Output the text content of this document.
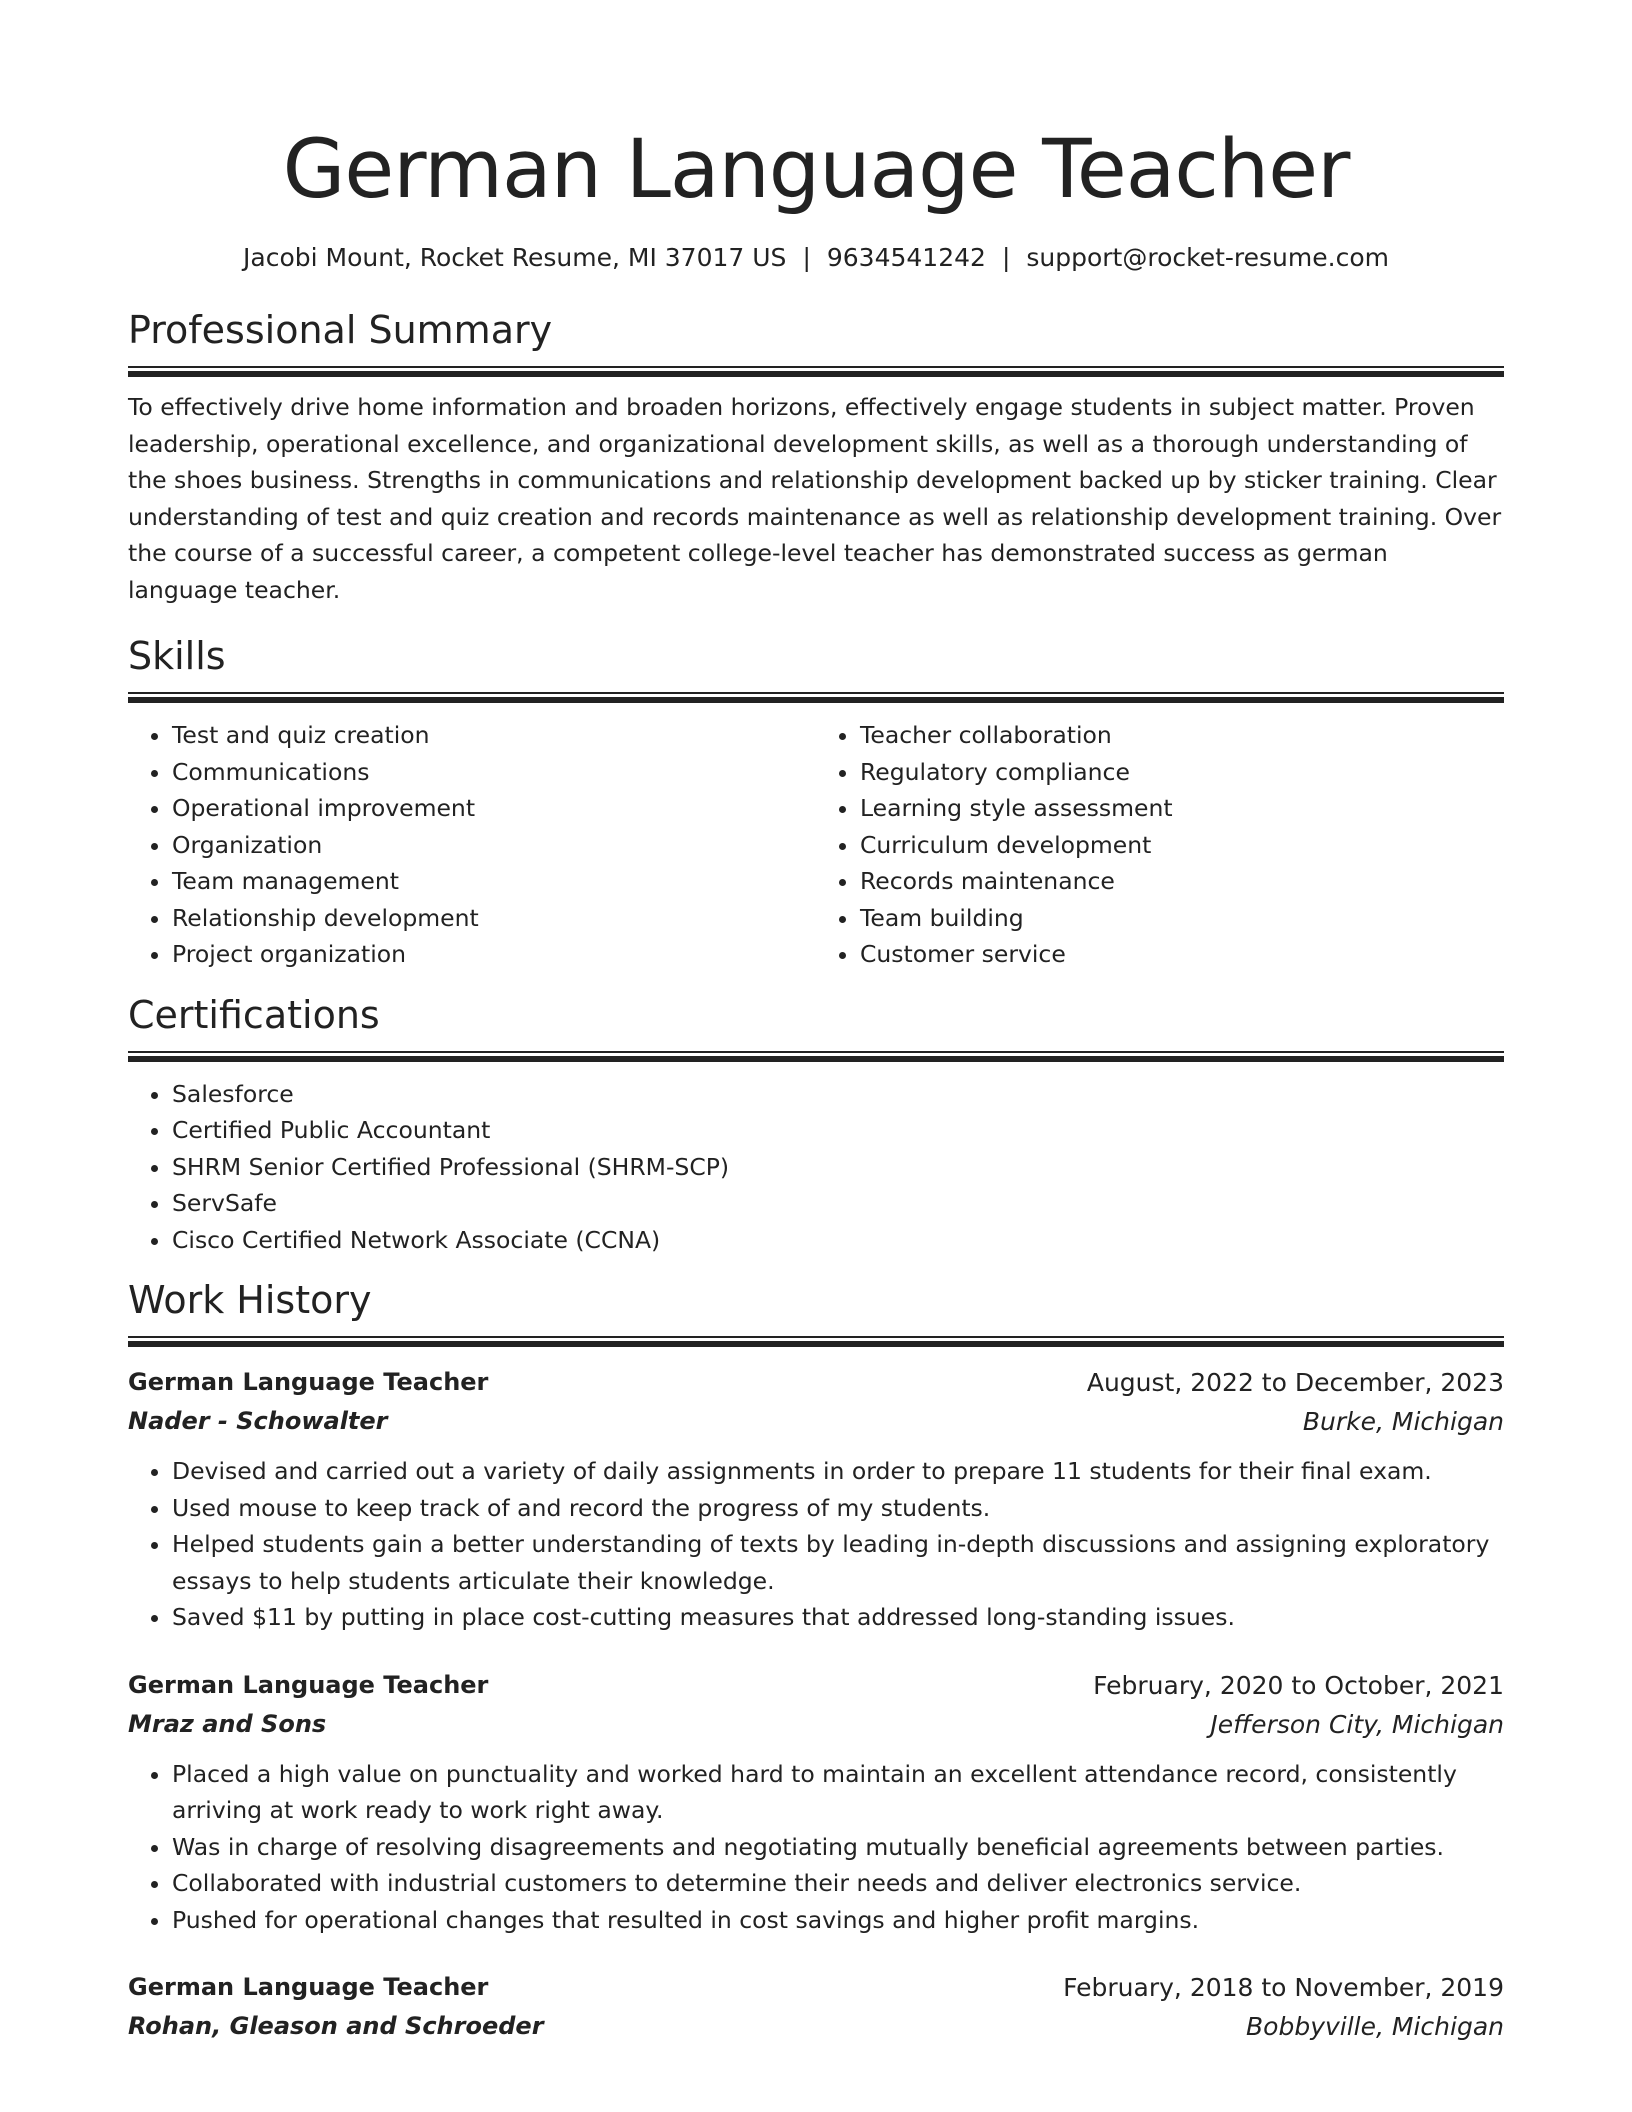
German Language Teacher
Jacobi Mount, Rocket Resume, MI 37017 US | 9634541242 | support@rocket-resume.com
Professional Summary
To effectively drive home information and broaden horizons, effectively engage students in subject matter. Proven leadership, operational excellence, and organizational development skills, as well as a thorough understanding of the shoes business. Strengths in communications and relationship development backed up by sticker training. Clear understanding of test and quiz creation and records maintenance as well as relationship development training. Over the course of a successful career, a competent college-level teacher has demonstrated success as german language teacher.
Skills
• Test and quiz creation
• Communications
• Operational improvement
• Organization
• Team management
• Relationship development
• Project organization
• Teacher collaboration
• Regulatory compliance
• Learning style assessment
• Curriculum development
• Records maintenance
• Team building
• Customer service
Certifications
• Salesforce
• Certified Public Accountant
• SHRM Senior Certified Professional (SHRM-SCP)
• ServSafe
• Cisco Certified Network Associate (CCNA)
Work History
German Language Teacher	August, 2022 to December, 2023
Nader - Schowalter	Burke, Michigan
• Devised and carried out a variety of daily assignments in order to prepare 11 students for their final exam.
• Used mouse to keep track of and record the progress of my students.
• Helped students gain a better understanding of texts by leading in-depth discussions and assigning exploratory essays to help students articulate their knowledge.
• Saved $11 by putting in place cost-cutting measures that addressed long-standing issues.
German Language Teacher	February, 2020 to October, 2021
Mraz and Sons	Jefferson City, Michigan
• Placed a high value on punctuality and worked hard to maintain an excellent attendance record, consistently arriving at work ready to work right away.
• Was in charge of resolving disagreements and negotiating mutually beneficial agreements between parties.
• Collaborated with industrial customers to determine their needs and deliver electronics service.
• Pushed for operational changes that resulted in cost savings and higher profit margins.
German Language Teacher	February, 2018 to November, 2019
Rohan, Gleason and Schroeder	Bobbyville, Michigan
